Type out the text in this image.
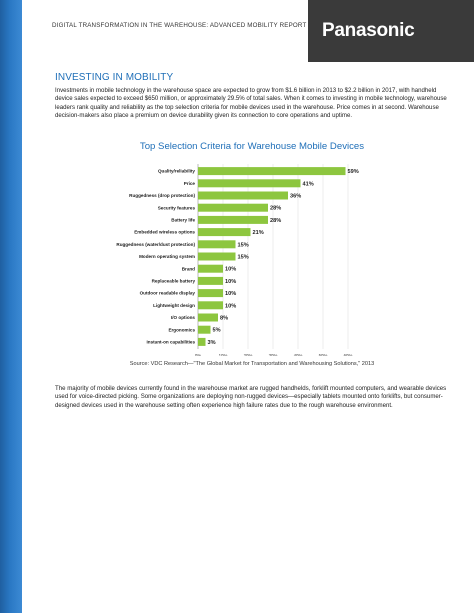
DIGITAL TRANSFORMATION IN THE WAREHOUSE: ADVANCED MOBILITY REPORT Panasonic
INVESTING IN MOBILITY
Investments in mobile technology in the warehouse space are expected to grow from $1.6 billion in 2013 to $2.2 billion in 2017, with handheld device sales expected to exceed $650 million, or approximately 29.5% of total sales. When it comes to investing in mobile technology, warehouse leaders rank quality and reliability as the top selection criteria for mobile devices used in the warehouse. Price comes in at second. Warehouse decision-makers also place a premium on device durability given its connection to core operations and uptime.
Top Selection Criteria for Warehouse Mobile Devices
0%	10%	20%	30%	40%	50%	60%
Quality/reliability	59%
Price	41%
Ruggedness (drop protection)	36%
Security features	28%
Battery life	28%
Embedded wireless options	21%
Ruggedness (water/dust protection)	15%
Modern operating system	15%
Brand	10%
Replaceable battery	10%
Outdoor readable display	10%
Lightweight design	10%
I/O options	8%
Ergonomics	5%
Instant-on capabilities 3%
Source: VDC Research—"The Global Market for Transportation and Warehousing Solutions," 2013
The majority of mobile devices currently found in the warehouse market are rugged handhelds, forklift mounted computers, and wearable devices used for voice-directed picking. Some organizations are deploying non-rugged devices—especially tablets mounted onto forklifts, but consumer-designed devices used in the warehouse setting often experience high failure rates due to the rough warehouse environment.
